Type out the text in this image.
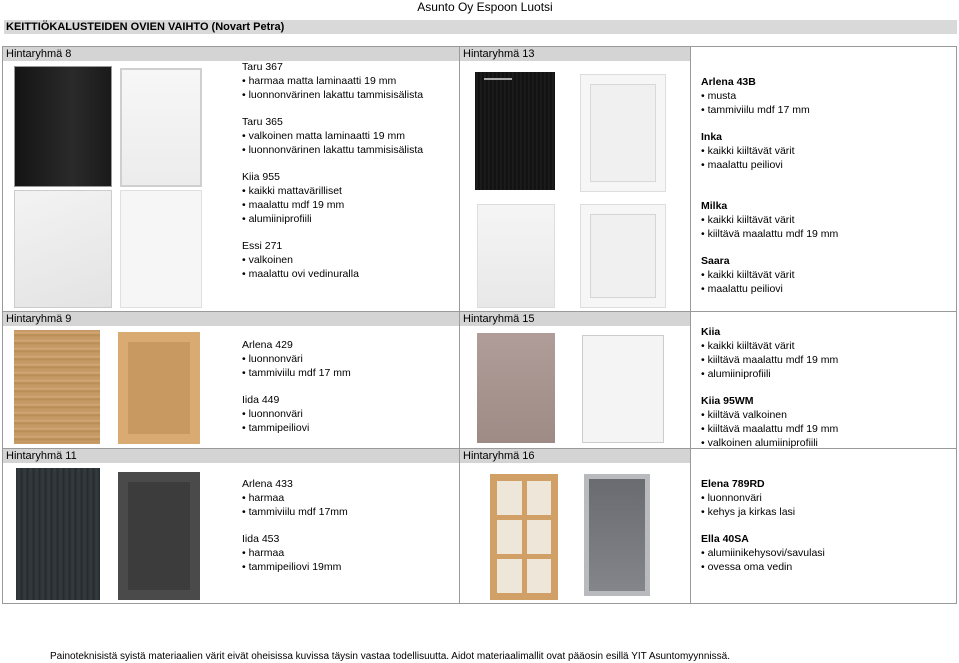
Asunto Oy Espoon Luotsi
KEITTIÖKALUSTEIDEN OVIEN VAIHTO (Novart Petra)
Hintaryhmä 8	Hintaryhmä 13
Hintaryhmä 9	Hintaryhmä 15
Hintaryhmä 11	Hintaryhmä 16
Taru 367
• harmaa matta laminaatti 19 mm
• luonnonvärinen lakattu tammisisälista
Taru 365
• valkoinen matta laminaatti 19 mm
• luonnonvärinen lakattu tammisisälista
Kiia 955
• kaikki mattavärilliset
• maalattu mdf 19 mm
• alumiiniprofiili
Essi 271
• valkoinen
• maalattu ovi vedinuralla
Arlena 429
• luonnonväri
• tammiviilu mdf 17 mm
Iida 449
• luonnonväri
• tammipeiliovi
Arlena 433
• harmaa
• tammiviilu mdf 17mm
Iida 453
• harmaa
• tammipeiliovi 19mm
Arlena 43B
• musta
• tammiviilu mdf 17 mm
Inka
• kaikki kiiltävät värit
• maalattu peiliovi
Milka
• kaikki kiiltävät värit
• kiiltävä maalattu mdf 19 mm
Saara
• kaikki kiiltävät värit
• maalattu peiliovi
Kiia
• kaikki kiiltävät värit
• kiiltävä maalattu mdf 19 mm
• alumiiniprofiili
Kiia 95WM
• kiiltävä valkoinen
• kiiltävä maalattu mdf 19 mm
• valkoinen alumiiniprofiili
Elena 789RD
• luonnonväri
• kehys ja kirkas lasi
Ella 40SA
• alumiinikehysovi/savulasi
• ovessa oma vedin
Painoteknisistä syistä materiaalien värit eivät oheisissa kuvissa täysin vastaa todellisuutta. Aidot materiaalimallit ovat pääosin esillä YIT Asuntomyynnissä.
